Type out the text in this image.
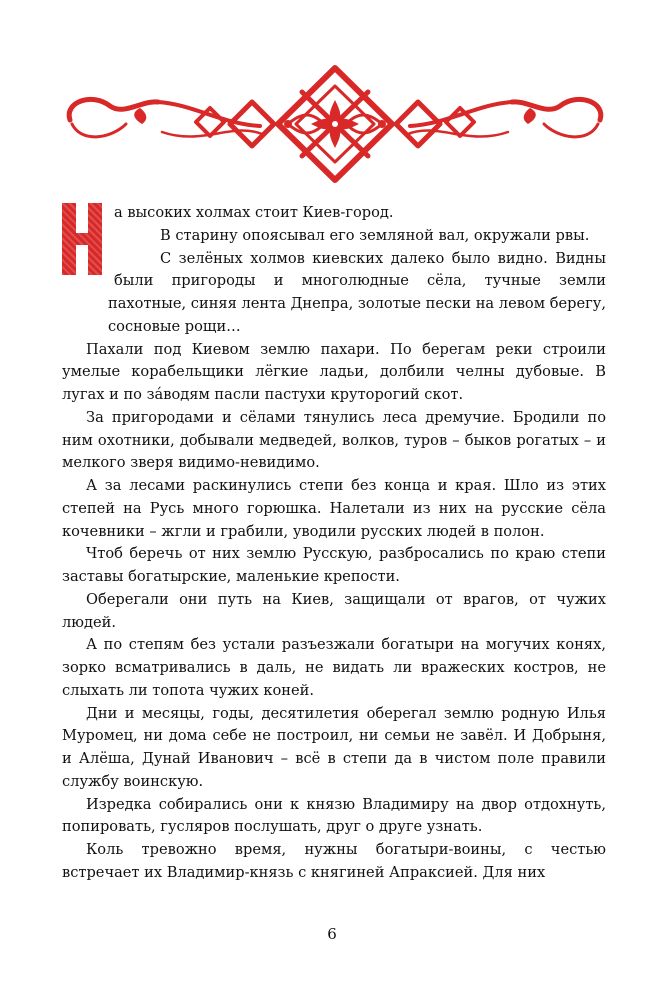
а высоких холмах стоит Киев-город.

В старину опоясывал его земляной вал, окружали рвы.

С зелёных холмов киевских далеко было видно. Видны были пригороды и многолюдные сёла, тучные земли пахотные, синяя лента Днепра, золотые пески на левом берегу, сосновые рощи…

Пахали под Киевом землю пахари. По берегам реки строили умелые корабельщики лёгкие ладьи, долбили челны дубовые. В лугах и по зáводям пасли пастухи круторогий скот.

За пригородами и сёлами тянулись леса дремучие. Бродили по ним охотники, добывали медведей, волков, туров – быков рогатых – и мелкого зверя видимо-невидимо.

А за лесами раскинулись степи без конца и края. Шло из этих степей на Русь много горюшка. Налетали из них на русские сёла кочевники – жгли и грабили, уводили русских людей в полон.

Чтоб беречь от них землю Русскую, разбросались по краю степи заставы богатырские, маленькие крепости.

Оберегали они путь на Киев, защищали от врагов, от чужих людей.

А по степям без устали разъезжали богатыри на могучих конях, зорко всматривались в даль, не видать ли вражеских костров, не слыхать ли топота чужих коней.

Дни и месяцы, годы, десятилетия оберегал землю родную Илья Муромец, ни дома себе не построил, ни семьи не завёл. И Добрыня, и Алёша, Дунай Иванович – всё в степи да в чистом поле правили службу воинскую.

Изредка собирались они к князю Владимиру на двор отдохнуть, попировать, гусляров послушать, друг о друге узнать.

Коль тревожно время, нужны богатыри-воины, с честью встречает их Владимир-князь с княгиней Апраксией. Для них

6
